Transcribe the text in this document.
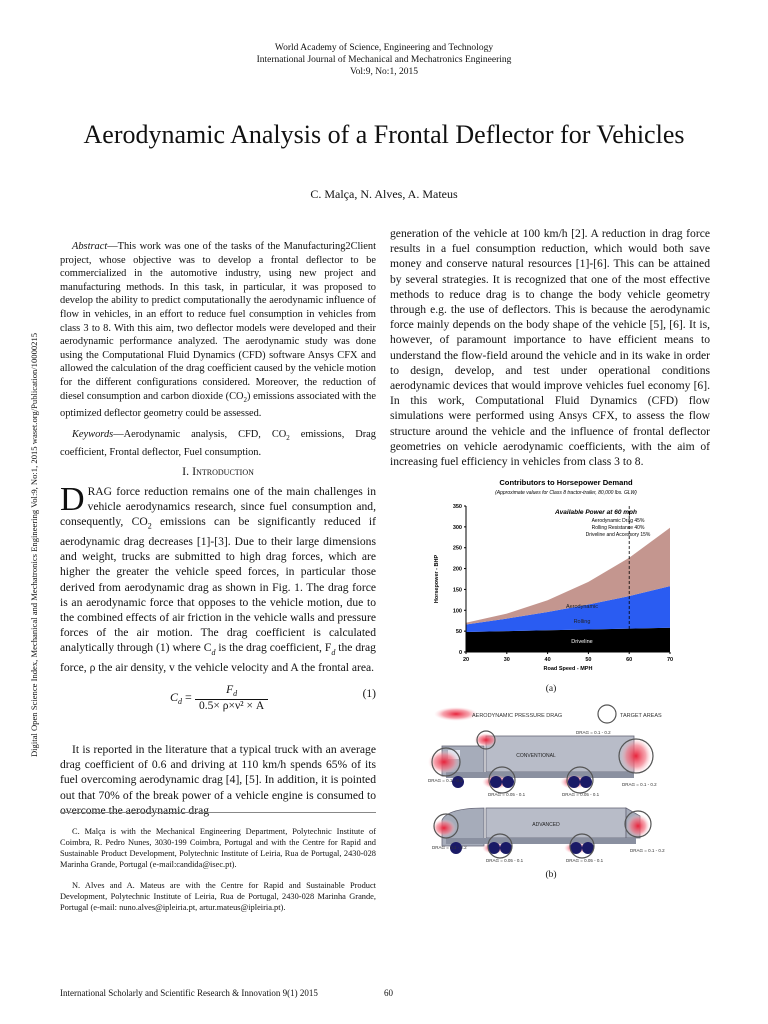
World Academy of Science, Engineering and Technology
International Journal of Mechanical and Mechatronics Engineering
Vol:9, No:1, 2015
Aerodynamic Analysis of a Frontal Deflector for Vehicles
C. Malça, N. Alves, A. Mateus
Digital Open Science Index, Mechanical and Mechatronics Engineering Vol:9, No:1, 2015 waset.org/Publication/10000215
Abstract—This work was one of the tasks of the Manufacturing2Client project, whose objective was to develop a frontal deflector to be commercialized in the automotive industry, using new project and manufacturing methods. In this task, in particular, it was proposed to develop the ability to predict computationally the aerodynamic influence of flow in vehicles, in an effort to reduce fuel consumption in vehicles from class 3 to 8. With this aim, two deflector models were developed and their aerodynamic performance analyzed. The aerodynamic study was done using the Computational Fluid Dynamics (CFD) software Ansys CFX and allowed the calculation of the drag coefficient caused by the vehicle motion for the different configurations considered. Moreover, the reduction of diesel consumption and carbon dioxide $(CO_2)$ emissions associated with the optimized deflector geometry could be assessed.
Keywords—Aerodynamic analysis, CFD, $CO_2$ emissions, Drag coefficient, Frontal deflector, Fuel consumption.
I. Introduction
DRAG force reduction remains one of the main challenges in vehicle aerodynamics research, since fuel consumption and, consequently, $CO_2$ emissions can be significantly reduced if aerodynamic drag decreases [1]-[3]. Due to their large dimensions and weight, trucks are submitted to high drag forces, which are higher the greater the vehicle speed forces, in particular those derived from aerodynamic drag as shown in Fig. 1. The drag force is an aerodynamic force that opposes to the vehicle motion, due to the combined effects of air friction in the vehicle walls and pressure forces of the air motion. The drag coefficient is calculated analytically through (1) where $C_d$ is the drag coefficient, $F_d$ the drag force, ρ the air density, v the vehicle velocity and A the frontal area.
$C_d = \frac{F_d}{\text{0.5× ρ×ν² × A}}$	(1)
It is reported in the literature that a typical truck with an average drag coefficient of 0.6 and driving at 110 km/h spends 65% of its fuel overcoming aerodynamic drag [4], [5]. In addition, it is pointed out that 70% of the break power of a vehicle engine is consumed to overcome the aerodynamic drag
C. Malça is with the Mechanical Engineering Department, Polytechnic Institute of Coimbra, R. Pedro Nunes, 3030-199 Coimbra, Portugal and with the Centre for Rapid and Sustainable Product Development, Polytechnic Institute of Leiria, Rua de Portugal, 2430-028 Marinha Grande, Portugal (e-mail:candida@isec.pt).
N. Alves and A. Mateus are with the Centre for Rapid and Sustainable Product Development, Polytechnic Institute of Leiria, Rua de Portugal, 2430-028 Marinha Grande, Portugal (e-mail: nuno.alves@ipleiria.pt, artur.mateus@ipleiria.pt).
generation of the vehicle at 100 km/h [2]. A reduction in drag force results in a fuel consumption reduction, which would both save money and conserve natural resources [1]-[6]. This can be attained by several strategies. It is recognized that one of the most effective methods to reduce drag is to change the body vehicle geometry through e.g. the use of deflectors. This is because the aerodynamic force mainly depends on the body shape of the vehicle [5], [6]. It is, however, of paramount importance to have efficient means to understand the flow-field around the vehicle and in its wake in order to design, develop, and test under operational conditions aerodynamic devices that would improve vehicles fuel economy [6]. In this work, Computational Fluid Dynamics (CFD) flow simulations were performed using Ansys CFX, to assess the flow structure around the vehicle and the influence of frontal deflector geometries on vehicle aerodynamic coefficients, with the aim of increasing fuel efficiency in vehicles from class 3 to 8.
Contributors to Horsepower Demand
(Approximate values for Class 8 tractor-trailer, 80,000 lbs. GLW)
Driveline
Rolling
Aerodynamic
0
50
100
150
200
250
300
350
20	30	40	50	60	70
Road Speed - MPH
Horsepower - BHP
Available Power at 60 mph
Aerodynamic Drag 45%
Rolling Resistance 40%
Driveline and Accessory 15%
(a)
AERODYNAMIC PRESSURE DRAG	TARGET AREAS
CONVENTIONAL
DRAG = 0.1 - 0.2
DRAG = 0.1 - 0.2
DRAG = 0.05 - 0.1	DRAG = 0.05 - 0.1
DRAG = 0.1 - 0.2
ADVANCED
DRAG = 0.1 - 0.2
DRAG = 0.05 - 0.1	DRAG = 0.05 - 0.1
DRAG = 0.1 - 0.2
(b)
International Scholarly and Scientific Research & Innovation 9(1) 2015	60
